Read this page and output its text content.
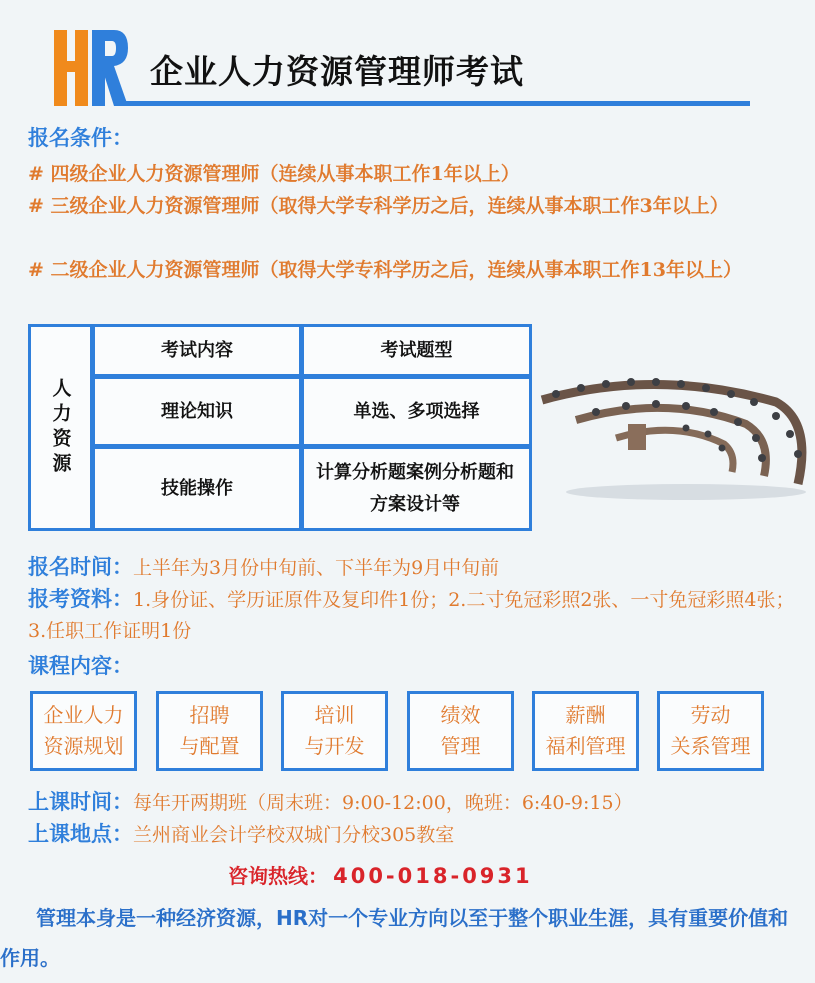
企业人力资源管理师考试
报名条件：
# 四级企业人力资源管理师（连续从事本职工作1年以上）
# 三级企业人力资源管理师（取得大学专科学历之后，连续从事本职工作3年以上）
# 二级企业人力资源管理师（取得大学专科学历之后，连续从事本职工作13年以上）
人力资源
考试内容	考试题型
理论知识	单选、多项选择
技能操作
计算分析题案例分析题和方案设计等
报名时间：上半年为3月份中旬前、下半年为9月中旬前
报考资料：1.身份证、学历证原件及复印件1份；2.二寸免冠彩照2张、一寸免冠彩照4张；3.任职工作证明1份
课程内容：
企业人力
资源规划
招聘
与配置
培训
与开发
绩效
管理
薪酬
福利管理
劳动
关系管理
上课时间：每年开两期班（周末班：9:00-12:00，晚班：6:40-9:15）
上课地点：兰州商业会计学校双城门分校305教室
咨询热线： 400-018-0931
管理本身是一种经济资源，HR对一个专业方向以至于整个职业生涯，具有重要价值和作用。
